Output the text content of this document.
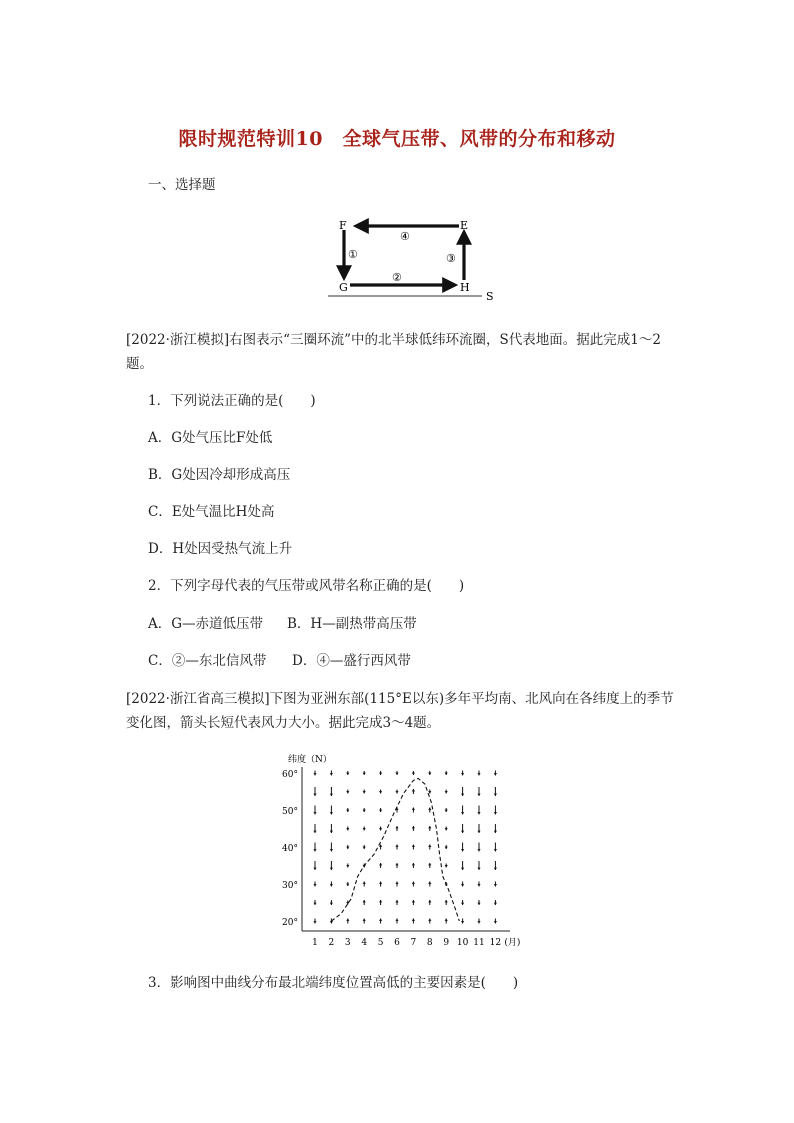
限时规范特训10　全球气压带、风带的分布和移动
一、选择题
S
F	E
G	H
④
①
②
③
[2022·浙江模拟]右图表示“三圈环流”中的北半球低纬环流圈，S代表地面。据此完成1～2题。
1．下列说法正确的是(　　)
A．G处气压比F处低
B．G处因冷却形成高压
C．E处气温比H处高
D．H处因受热气流上升
2．下列字母代表的气压带或风带名称正确的是(　　)
A．G—赤道低压带 B．H—副热带高压带
C．②—东北信风带 D．④—盛行西风带
[2022·浙江省高三模拟]下图为亚洲东部(115°E以东)多年平均南、北风向在各纬度上的季节变化图，箭头长短代表风力大小。据此完成3～4题。
20°
30°
40°
50°
60°
纬度（N）
1 2 3 4 5 6 7 8 9 10 11 12 (月)
3．影响图中曲线分布最北端纬度位置高低的主要因素是(　　)
